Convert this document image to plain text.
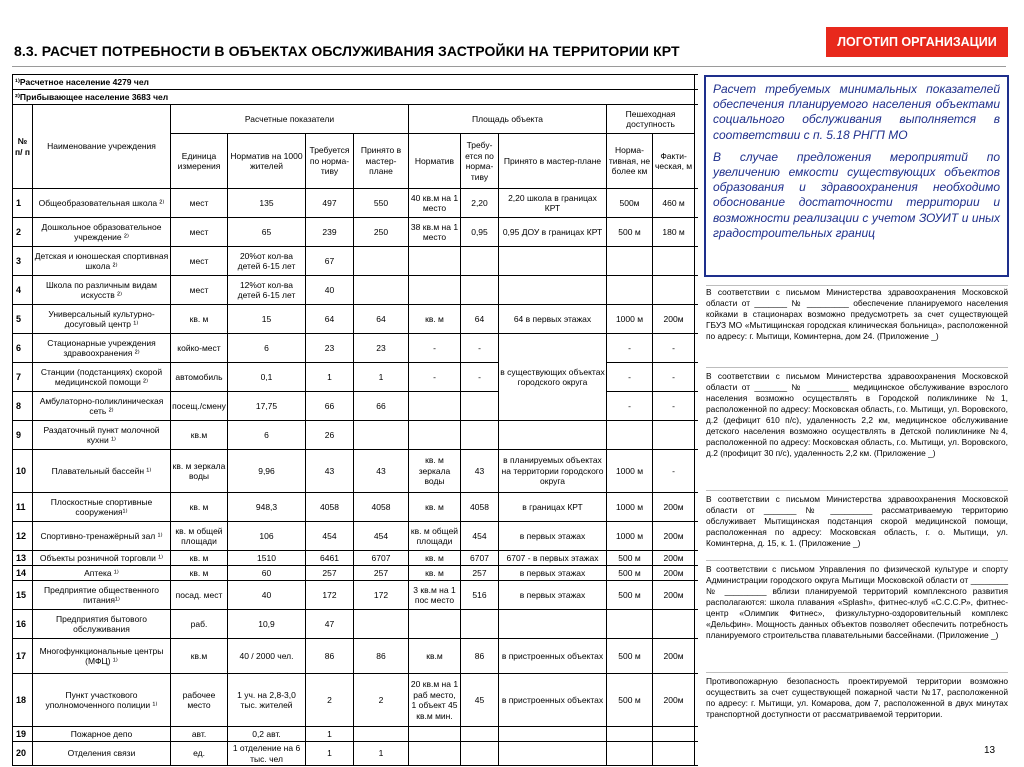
8.3. РАСЧЕТ ПОТРЕБНОСТИ В ОБЪЕКТАХ ОБСЛУЖИВАНИЯ ЗАСТРОЙКИ НА ТЕРРИТОРИИ КРТ
ЛОГОТИП ОРГАНИЗАЦИИ
¹⁾Расчетное население 4279 чел											
²⁾Прибывающее население 3683 чел											
№ п/ п	Наименование учреждения	Расчетные показатели				Площадь объекта			Пешеходная доступность		
		Единица измерения	Норматив на 1000 жителей	Требуется по норма-тиву	Принято в мастер-плане	Норматив	Требу-ется по норма-тиву	Принято в мастер-плане	Норма-тивная, не более км	Факти-ческая, м	
1	Общеобразовательная школа ²⁾	мест	135	497	550	40 кв.м на 1 место	2,20	2,20 школа в границах КРТ	500м	460 м	
2	Дошкольное образовательное учреждение ²⁾	мест	65	239	250	38 кв.м на 1 место	0,95	0,95 ДОУ в границах КРТ	500 м	180 м	
3	Детская и юношеская спортивная школа ²⁾	мест	20%от кол-ва детей 6-15 лет	67							
4	Школа по различным видам искусств ²⁾	мест	12%от кол-ва детей 6-15 лет	40							
5	Универсальный культурно-досуговый центр ¹⁾	кв. м	15	64	64	кв. м	64	64 в первых этажах	1000 м	200м	
6	Стационарные учреждения здравоохранения ²⁾	койко-мест	6	23	23	-	-	в существующих объектах городского округа	-	-	
7	Станции (подстанциях) скорой медицинской помощи ²⁾	автомобиль	0,1	1	1	-	-		-	-	
8	Амбулаторно-поликлиническая сеть ²⁾	посещ./смену	17,75	66	66				-	-	
9	Раздаточный пункт молочной кухни ¹⁾	кв.м	6	26							
10	Плавательный бассейн ¹⁾	кв. м зеркала воды	9,96	43	43	кв. м зеркала воды	43	в планируемых объектах на территории городского округа	1000 м	-	
11	Плоскостные спортивные сооружения¹⁾	кв. м	948,3	4058	4058	кв. м	4058	в границах КРТ	1000 м	200м	
12	Спортивно-тренажёрный зал ¹⁾	кв. м общей площади	106	454	454	кв. м общей площади	454	в первых этажах	1000 м	200м	
13	Объекты розничной торговли ¹⁾	кв. м	1510	6461	6707	кв. м	6707	6707 - в первых этажах	500 м	200м	
14	Аптека ¹⁾	кв. м	60	257	257	кв. м	257	в первых этажах	500 м	200м	
15	Предприятие общественного питания¹⁾	посад. мест	40	172	172	3 кв.м на 1 пос место	516	в первых этажах	500 м	200м	
16	Предприятия бытового обслуживания	раб.	10,9	47							
17	Многофункциональные центры (МФЦ) ¹⁾	кв.м	40 / 2000 чел.	86	86	кв.м	86	в пристроенных объектах	500 м	200м	
18	Пункт участкового уполномоченного полиции ¹⁾	рабочее место	1 уч. на 2,8-3,0 тыс. жителей	2	2	20 кв.м на 1 раб место, 1 объект 45 кв.м мин.	45	в пристроенных объектах	500 м	200м	
19	Пожарное депо	авт.	0,2 авт.	1							
20	Отделения связи	ед.	1 отделение на 6 тыс. чел	1	1						

Расчет требуемых минимальных показателей обеспечения планируемого населения объектами социального обслуживания выполняется в соответствии с п. 5.18 РНГП МО

В случае предложения мероприятий по увеличению емкости существующих объектов образования и здравоохранения необходимо обоснование достаточности территории и возможности реализации с учетом ЗОУИТ и иных градостроительных границ

В соответствии с письмом Министерства здравоохранения Московской области от _______ № _________ обеспечение планируемого населения койками в стационарах возможно предусмотреть за счет существующей ГБУЗ МО «Мытищинская городская клиническая больница», расположенной по адресу: г. Мытищи, Коминтерна, дом 24. (Приложение _)
В соответствии с письмом Министерства здравоохранения Московской области от _______ № _________ медицинское обслуживание взрослого населения возможно осуществлять в Городской поликлинике №1, расположенной по адресу: Московская область, г.о. Мытищи, ул. Воровского, д.2 (дефицит 610 п/с), удаленность 2,2 км, медицинское обслуживание детского населения возможно осуществлять в Детской поликлинике №4, расположенной по адресу: Московская область, г.о. Мытищи, ул. Воровского, д.2 (профицит 30 п/с), удаленность 2,2 км. (Приложение _)
В соответствии с письмом Министерства здравоохранения Московской области от _______ № _________ рассматриваемую территорию обслуживает Мытищинская подстанция скорой медицинской помощи, расположенная по адресу: Московская область, г. о. Мытищи, ул. Коминтерна, д. 15, к. 1. (Приложение _)
В соответствии с письмом Управления по физической культуре и спорту Администрации городского округа Мытищи Московской области от ________ № _________ вблизи планируемой территорий комплексного развития располагаются: школа плавания «Splash», фитнес-клуб «С.С.С.Р», фитнес-центр «Олимпик Фитнес», физкультурно-оздоровительный комплекс «Дельфин». Мощность данных объектов позволяет обеспечить потребность планируемого строительства плавательными бассейнами. (Приложение _)
Противопожарную безопасность проектируемой территории возможно осуществить за счет существующей пожарной части №17, расположенной по адресу: г. Мытищи, ул. Комарова, дом 7, расположенной в двух минутах транспортной доступности от рассматриваемой территории.
13
